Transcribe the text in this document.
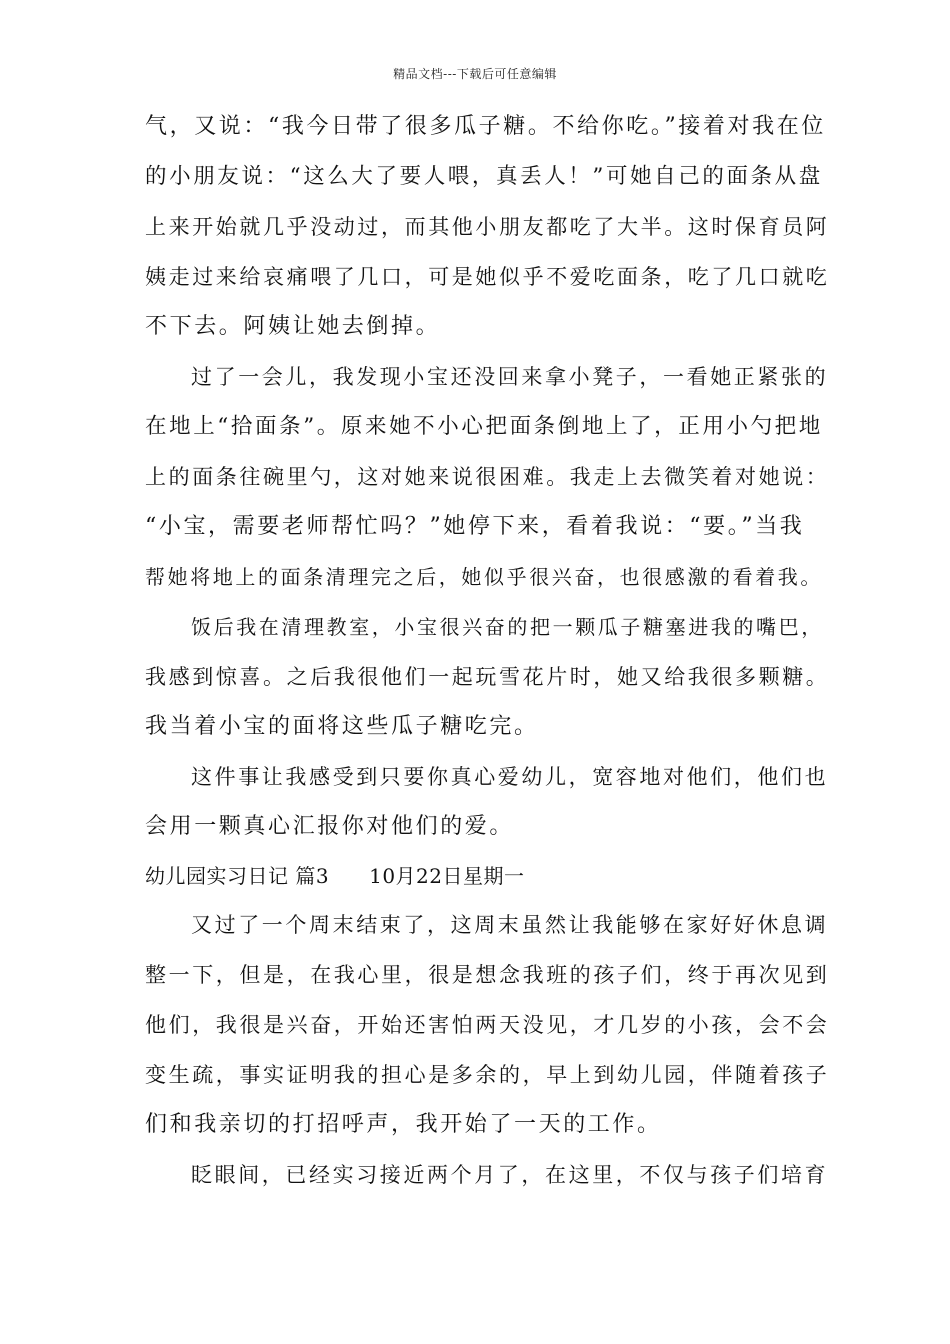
精品文档---下载后可任意编辑
气，又说：“我今日带了很多瓜子糖。不给你吃。”接着对我在位
的小朋友说：“这么大了要人喂，真丢人！”可她自己的面条从盘
上来开始就几乎没动过，而其他小朋友都吃了大半。这时保育员阿
姨走过来给哀痛喂了几口，可是她似乎不爱吃面条，吃了几口就吃
不下去。阿姨让她去倒掉。
过了一会儿，我发现小宝还没回来拿小凳子，一看她正紧张的
在地上“拾面条”。原来她不小心把面条倒地上了，正用小勺把地
上的面条往碗里勺，这对她来说很困难。我走上去微笑着对她说：
“小宝，需要老师帮忙吗？”她停下来，看着我说：“要。”当我
帮她将地上的面条清理完之后，她似乎很兴奋，也很感激的看着我。
饭后我在清理教室，小宝很兴奋的把一颗瓜子糖塞进我的嘴巴，
我感到惊喜。之后我很他们一起玩雪花片时，她又给我很多颗糖。
我当着小宝的面将这些瓜子糖吃完。
这件事让我感受到只要你真心爱幼儿，宽容地对他们，他们也
会用一颗真心汇报你对他们的爱。
幼儿园实习日记 篇3 10月22日星期一
又过了一个周末结束了，这周末虽然让我能够在家好好休息调
整一下，但是，在我心里，很是想念我班的孩子们，终于再次见到
他们，我很是兴奋，开始还害怕两天没见，才几岁的小孩，会不会
变生疏，事实证明我的担心是多余的，早上到幼儿园，伴随着孩子
们和我亲切的打招呼声，我开始了一天的工作。
眨眼间，已经实习接近两个月了，在这里，不仅与孩子们培育
